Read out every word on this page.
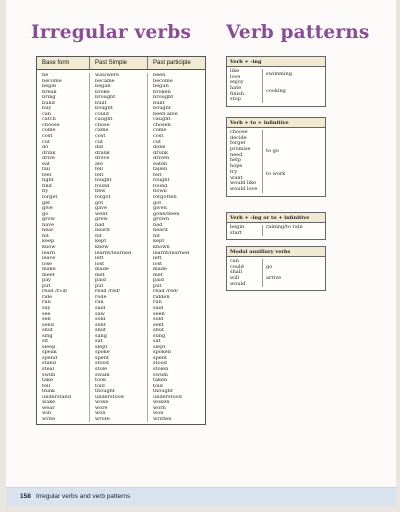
Irregular verbs Verb patterns
Base form	Past Simple	Past participle
be
become
begin
break
bring
build
buy
can
catch
choose
come
cost
cut
do
drink
drive
eat
fall
feel
fight
find
fly
forget
get
give
go
grow
have
hear
hit
keep
know
learn
leave
lose
make
meet
pay
put
read /ri:d/
ride
run
say
see
sell
send
shut
sing
sit
sleep
speak
spend
stand
steal
swim
take
tell
think
understand
wake
wear
win
write
was/were
became
began
broke
brought
built
bought
could
caught
chose
came
cost
cut
did
drank
drove
ate
fell
felt
fought
found
flew
forgot
got
gave
went
grew
had
heard
hit
kept
knew
learnt/learned
left
lost
made
met
paid
put
read /red/
rode
ran
said
saw
sold
sent
shut
sang
sat
slept
spoke
spent
stood
stole
swam
took
told
thought
understood
woke
wore
won
wrote
been
become
begun
broken
brought
built
bought
been able
caught
chosen
come
cost
cut
done
drunk
driven
eaten
fallen
felt
fought
found
flown
forgotten
got
given
gone/been
grown
had
heard
hit
kept
known
learnt/learned
left
lost
made
met
paid
put
read /red/
ridden
run
said
seen
sold
sent
shut
sung
sat
slept
spoken
spent
stood
stolen
swum
taken
told
thought
understood
woken
worn
won
written
Verb + -ing
like
love
enjoy
hate
finish
stop
swimming
cooking
Verb + to + infinitive
choose
decide
forget
promise
need
help
hope
try
want
would like
would love
to go
to work
Verb + -ing or to + infinitive
begin
start
raining/to rain
Modal auxiliary verbs
can
could
shall
will
would
go
arrive
158 Irregular verbs and verb patterns
